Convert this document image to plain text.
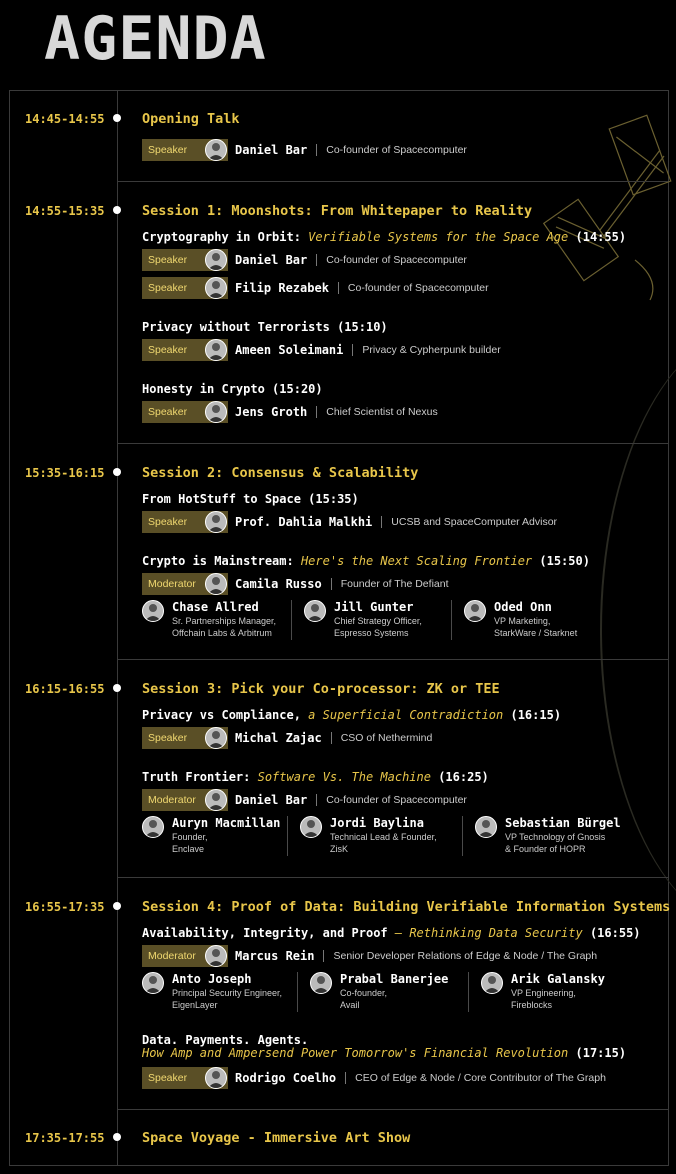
AGENDA
14:45-14:55	Opening Talk
Speaker	Daniel Bar Co-founder of Spacecomputer
14:55-15:35	Session 1: Moonshots: From Whitepaper to Reality
Cryptography in Orbit: Verifiable Systems for the Space Age (14:55)
Speaker	Daniel Bar Co-founder of Spacecomputer
Speaker	Filip Rezabek Co-founder of Spacecomputer
Privacy without Terrorists (15:10)
Speaker	Ameen Soleimani Privacy & Cypherpunk builder
Honesty in Crypto (15:20)
Speaker	Jens Groth Chief Scientist of Nexus
15:35-16:15	Session 2: Consensus & Scalability
From HotStuff to Space (15:35)
Speaker	Prof. Dahlia Malkhi UCSB and SpaceComputer Advisor
Crypto is Mainstream: Here's the Next Scaling Frontier (15:50)
Moderator	Camila Russo Founder of The Defiant
Chase Allred
Sr. Partnerships Manager,
Offchain Labs & Arbitrum
Jill Gunter
Chief Strategy Officer,
Espresso Systems
Oded Onn
VP Marketing,
StarkWare / Starknet
16:15-16:55	Session 3: Pick your Co-processor: ZK or TEE
Privacy vs Compliance, a Superficial Contradiction (16:15)
Speaker	Michal Zajac CSO of Nethermind
Truth Frontier: Software Vs. The Machine (16:25)
Moderator	Daniel Bar Co-founder of Spacecomputer
Auryn Macmillan
Founder,
Enclave
Jordi Baylina
Technical Lead & Founder,
ZisK
Sebastian Bürgel
VP Technology of Gnosis
& Founder of HOPR
16:55-17:35	Session 4: Proof of Data: Building Verifiable Information Systems
Availability, Integrity, and Proof — Rethinking Data Security (16:55)
Moderator	Marcus Rein Senior Developer Relations of Edge & Node / The Graph
Anto Joseph
Principal Security Engineer,
EigenLayer
Prabal Banerjee
Co-founder,
Avail
Arik Galansky
VP Engineering,
Fireblocks
Data. Payments. Agents.
How Amp and Ampersend Power Tomorrow's Financial Revolution (17:15)
Speaker	Rodrigo Coelho CEO of Edge & Node / Core Contributor of The Graph
17:35-17:55	Space Voyage - Immersive Art Show
